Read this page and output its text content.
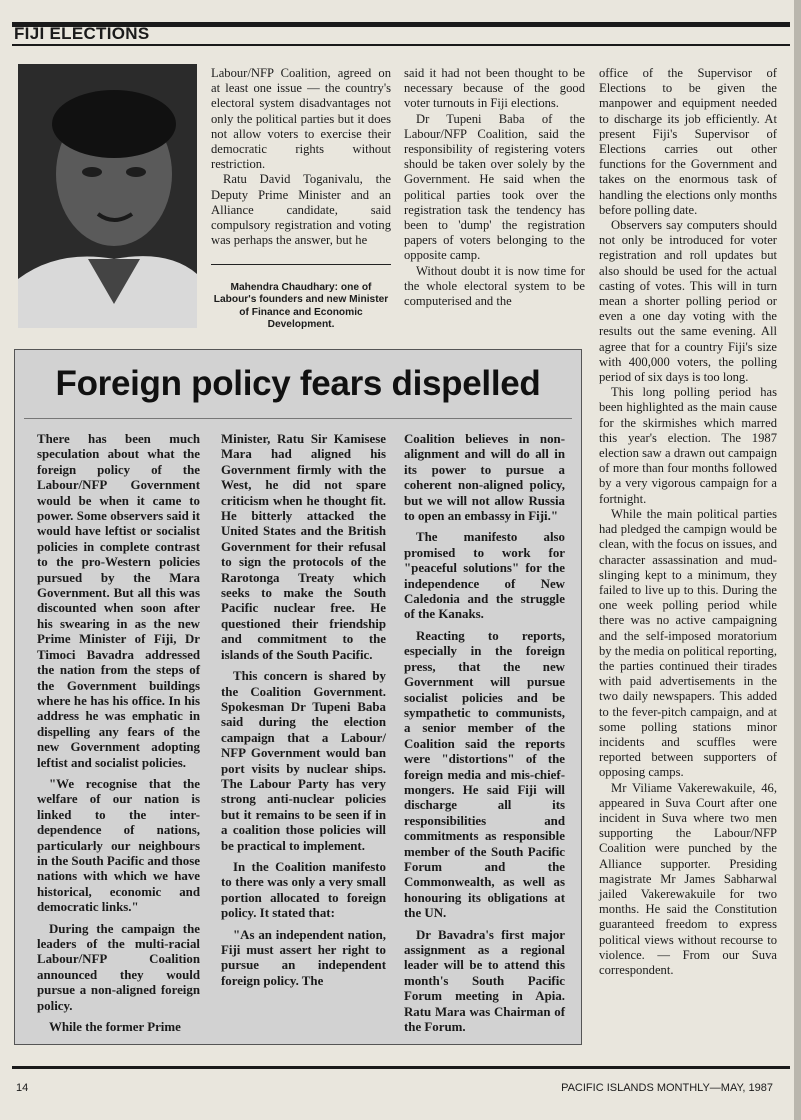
FIJI ELECTIONS

Labour/NFP Coalition, agreed on at least one issue — the country's electoral system disadvantages not only the political parties but it does not allow voters to exercise their democratic rights without restriction.

Ratu David Toganivalu, the Deputy Prime Minister and an Alliance candidate, said compulsory registration and voting was perhaps the answer, but he

Mahendra Chaudhary: one of Labour's founders and new Minister of Finance and Economic Development.

said it had not been thought to be necessary because of the good voter turnouts in Fiji elections.

Dr Tupeni Baba of the Labour/NFP Coalition, said the responsibility of registering voters should be taken over solely by the Government. He said when the political parties took over the registration task the tendency has been to 'dump' the registration papers of voters belonging to the opposite camp.

Without doubt it is now time for the whole electoral system to be computerised and the

office of the Supervisor of Elections to be given the manpower and equipment needed to discharge its job efficiently. At present Fiji's Supervisor of Elections carries out other functions for the Government and takes on the enormous task of handling the elections only months before polling date.

Observers say computers should not only be introduced for voter registration and roll updates but also should be used for the actual casting of votes. This will in turn mean a shorter polling period or even a one day voting with the results out the same evening. All agree that for a country Fiji's size with 400,000 voters, the polling period of six days is too long.

This long polling period has been highlighted as the main cause for the skirmishes which marred this year's election. The 1987 election saw a drawn out campaign of more than four months followed by a very vigorous campaign for a fortnight.

While the main political parties had pledged the campign would be clean, with the focus on issues, and character assassination and mud-slinging kept to a minimum, they failed to live up to this. During the one week polling period while there was no active campaigning and the self-imposed moratorium by the media on political reporting, the parties continued their tirades with paid advertisements in the two daily newspapers. This added to the fever-pitch campaign, and at some polling stations minor incidents and scuffles were reported between supporters of opposing camps.

Mr Viliame Vakerewakuile, 46, appeared in Suva Court after one incident in Suva where two men supporting the Labour/NFP Coalition were punched by the Alliance supporter. Presiding magistrate Mr James Sabharwal jailed Vakerewakuile for two months. He said the Constitution guaranteed freedom to express political views without recourse to violence. — From our Suva correspondent.

Foreign policy fears dispelled

There has been much speculation about what the foreign policy of the Labour/NFP Government would be when it came to power. Some observers said it would have leftist or socialist policies in complete contrast to the pro-Western policies pursued by the Mara Government. But all this was discounted when soon after his swearing in as the new Prime Minister of Fiji, Dr Timoci Bavadra addressed the nation from the steps of the Government buildings where he has his office. In his address he was emphatic in dispelling any fears of the new Government adopting leftist and socialist policies.

"We recognise that the welfare of our nation is linked to the inter-dependence of nations, particularly our neighbours in the South Pacific and those nations with which we have historical, economic and democratic links."

During the campaign the leaders of the multi-racial Labour/NFP Coalition announced they would pursue a non-aligned foreign policy.

While the former Prime

Minister, Ratu Sir Kamisese Mara had aligned his Government firmly with the West, he did not spare criticism when he thought fit. He bitterly attacked the United States and the British Government for their refusal to sign the protocols of the Rarotonga Treaty which seeks to make the South Pacific nuclear free. He questioned their friendship and commitment to the islands of the South Pacific.

This concern is shared by the Coalition Government. Spokesman Dr Tupeni Baba said during the election campaign that a Labour/ NFP Government would ban port visits by nuclear ships. The Labour Party has very strong anti-nuclear policies but it remains to be seen if in a coalition those policies will be practical to implement.

In the Coalition manifesto to there was only a very small portion allocated to foreign policy. It stated that:

"As an independent nation, Fiji must assert her right to pursue an independent foreign policy. The

Coalition believes in non-alignment and will do all in its power to pursue a coherent non-aligned policy, but we will not allow Russia to open an embassy in Fiji."

The manifesto also promised to work for "peaceful solutions" for the independence of New Caledonia and the struggle of the Kanaks.

Reacting to reports, especially in the foreign press, that the new Government will pursue socialist policies and be sympathetic to communists, a senior member of the Coalition said the reports were "distortions" of the foreign media and mis-chief-mongers. He said Fiji will discharge all its responsibilities and commitments as responsible member of the South Pacific Forum and the Commonwealth, as well as honouring its obligations at the UN.

Dr Bavadra's first major assignment as a regional leader will be to attend this month's South Pacific Forum meeting in Apia. Ratu Mara was Chairman of the Forum.

14	PACIFIC ISLANDS MONTHLY—MAY, 1987
